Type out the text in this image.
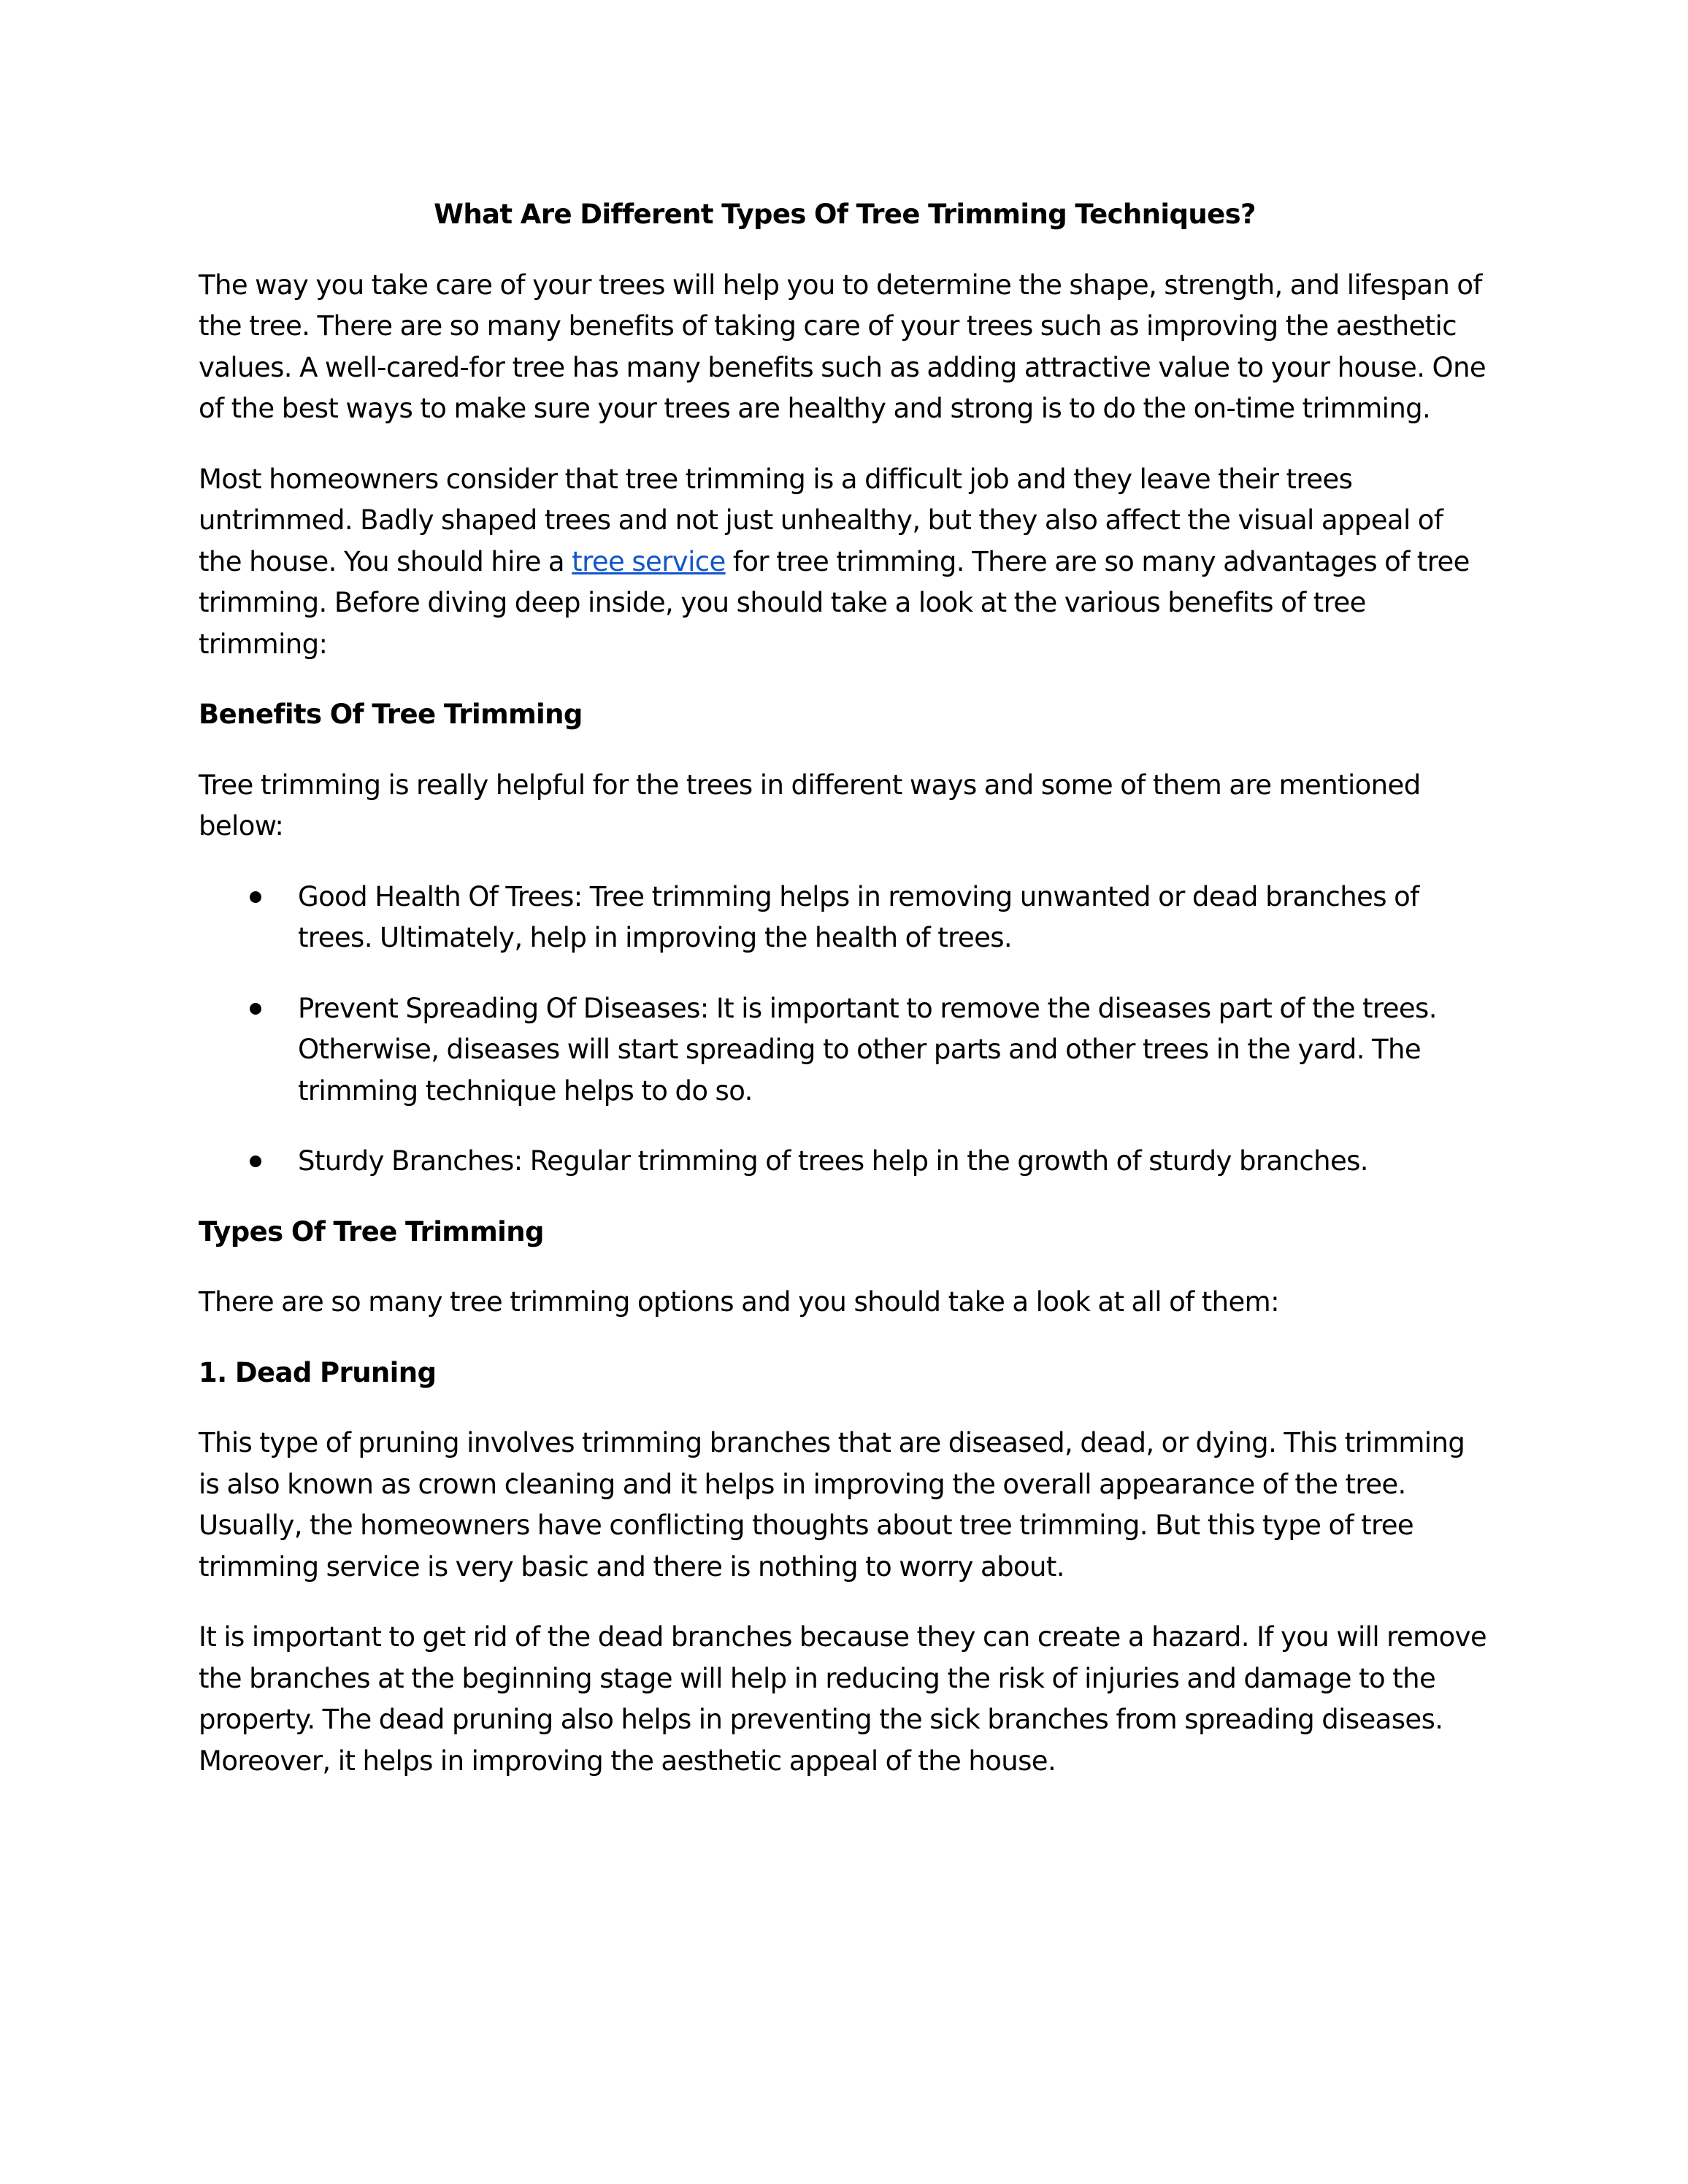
What Are Different Types Of Tree Trimming Techniques?

The way you take care of your trees will help you to determine the shape, strength, and lifespan of the tree. There are so many benefits of taking care of your trees such as improving the aesthetic values. A well-cared-for tree has many benefits such as adding attractive value to your house. One of the best ways to make sure your trees are healthy and strong is to do the on-time trimming.

Most homeowners consider that tree trimming is a difficult job and they leave their trees untrimmed. Badly shaped trees and not just unhealthy, but they also affect the visual appeal of the house. You should hire a tree service for tree trimming. There are so many advantages of tree trimming. Before diving deep inside, you should take a look at the various benefits of tree trimming:

Benefits Of Tree Trimming

Tree trimming is really helpful for the trees in different ways and some of them are mentioned below:

Good Health Of Trees: Tree trimming helps in removing unwanted or dead branches of trees. Ultimately, help in improving the health of trees.
Prevent Spreading Of Diseases: It is important to remove the diseases part of the trees. Otherwise, diseases will start spreading to other parts and other trees in the yard. The trimming technique helps to do so.
Sturdy Branches: Regular trimming of trees help in the growth of sturdy branches.
Types Of Tree Trimming

There are so many tree trimming options and you should take a look at all of them:

1. Dead Pruning

This type of pruning involves trimming branches that are diseased, dead, or dying. This trimming is also known as crown cleaning and it helps in improving the overall appearance of the tree. Usually, the homeowners have conflicting thoughts about tree trimming. But this type of tree trimming service is very basic and there is nothing to worry about.

It is important to get rid of the dead branches because they can create a hazard. If you will remove the branches at the beginning stage will help in reducing the risk of injuries and damage to the property. The dead pruning also helps in preventing the sick branches from spreading diseases. Moreover, it helps in improving the aesthetic appeal of the house.
